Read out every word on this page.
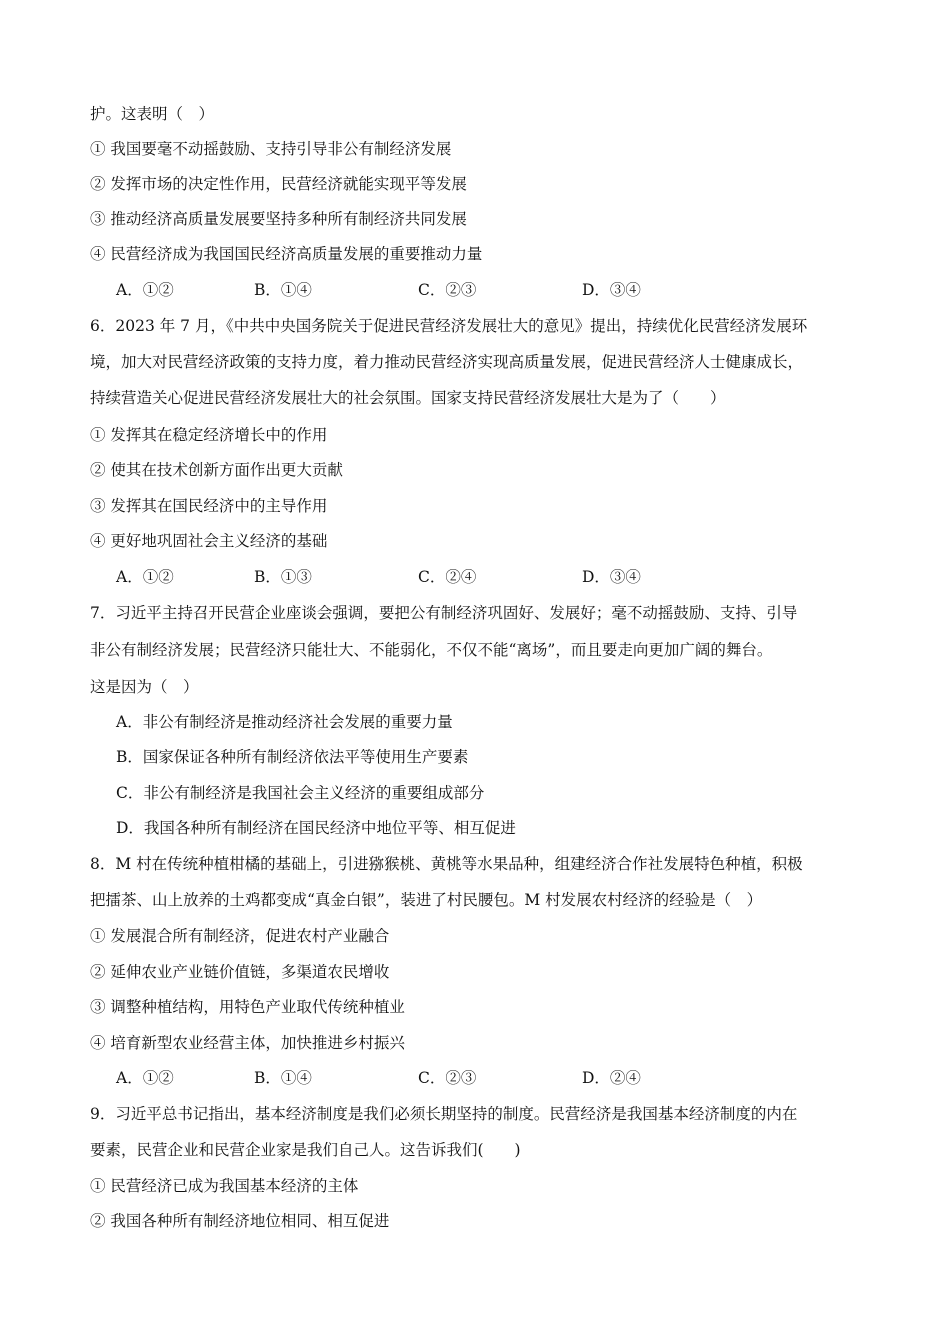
护。这表明（　）
① 我国要毫不动摇鼓励、支持引导非公有制经济发展
② 发挥市场的决定性作用，民营经济就能实现平等发展
③ 推动经济高质量发展要坚持多种所有制经济共同发展
④ 民营经济成为我国国民经济高质量发展的重要推动力量
A．①②	B．①④	C．②③	D．③④
6．2023 年 7 月，《中共中央国务院关于促进民营经济发展壮大的意见》提出，持续优化民营经济发展环
境，加大对民营经济政策的支持力度，着力推动民营经济实现高质量发展，促进民营经济人士健康成长，
持续营造关心促进民营经济发展壮大的社会氛围。国家支持民营经济发展壮大是为了（　　）
① 发挥其在稳定经济增长中的作用
② 使其在技术创新方面作出更大贡献
③ 发挥其在国民经济中的主导作用
④ 更好地巩固社会主义经济的基础
A．①②	B．①③	C．②④	D．③④
7．习近平主持召开民营企业座谈会强调，要把公有制经济巩固好、发展好；毫不动摇鼓励、支持、引导
非公有制经济发展；民营经济只能壮大、不能弱化，不仅不能“离场”，而且要走向更加广阔的舞台。
这是因为（　）
A．非公有制经济是推动经济社会发展的重要力量
B．国家保证各种所有制经济依法平等使用生产要素
C．非公有制经济是我国社会主义经济的重要组成部分
D．我国各种所有制经济在国民经济中地位平等、相互促进
8．M 村在传统种植柑橘的基础上，引进猕猴桃、黄桃等水果品种，组建经济合作社发展特色种植，积极
把擂茶、山上放养的土鸡都变成“真金白银”，装进了村民腰包。M 村发展农村经济的经验是（　）
① 发展混合所有制经济，促进农村产业融合
② 延伸农业产业链价值链，多渠道农民增收
③ 调整种植结构，用特色产业取代传统种植业
④ 培育新型农业经营主体，加快推进乡村振兴
A．①②	B．①④	C．②③	D．②④
9．习近平总书记指出，基本经济制度是我们必须长期坚持的制度。民营经济是我国基本经济制度的内在
要素，民营企业和民营企业家是我们自己人。这告诉我们(　　)
① 民营经济已成为我国基本经济的主体
② 我国各种所有制经济地位相同、相互促进
